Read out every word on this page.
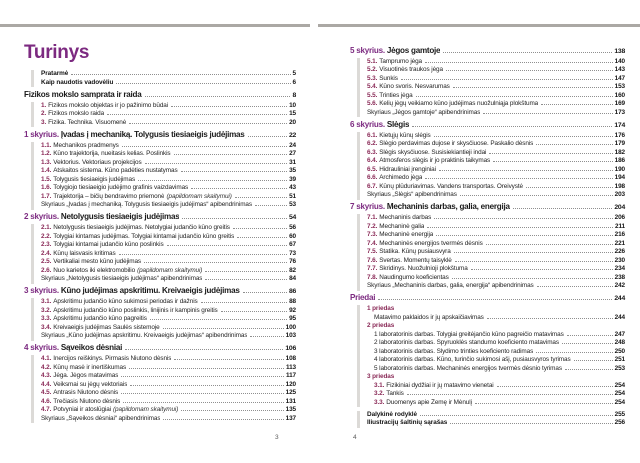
Turinys
Pratarmė	5
Kaip naudotis vadovėliu	6
Fizikos mokslo samprata ir raida	8
1. Fizikos mokslo objektas ir jo pažinimo būdai	10
2. Fizikos mokslo raida	15
3. Fizika. Technika. Visuomenė	20
1 skyrius. Įvadas į mechaniką. Tolygusis tiesiaeigis judėjimas	22
1.1. Mechanikos pradmenys	24
1.2. Kūno trajektorija, nueitasis kelias. Poslinkis	27
1.3. Vektorius. Vektoriaus projekcijos	31
1.4. Atskaitos sistema. Kūno padėties nustatymas	35
1.5. Tolygusis tiesiaeigis judėjimas	39
1.6. Tolygiojo tiesiaeigio judėjimo grafinis vaizdavimas	43
1.7. Trajektorija – bičių bendravimo priemonė (papildomam skaitymui)	51
Skyriaus „Įvadas į mechaniką. Tolygusis tiesiaeigis judėjimas“ apibendrinimas	53
2 skyrius. Netolygusis tiesiaeigis judėjimas	54
2.1. Netolygusis tiesiaeigis judėjimas. Netolygiai judančio kūno greitis	56
2.2. Tolygiai kintamas judėjimas. Tolygiai kintamai judančio kūno greitis	60
2.3. Tolygiai kintamai judančio kūno poslinkis	67
2.4. Kūnų laisvasis kritimas	73
2.5. Vertikaliai mesto kūno judėjimas	76
2.6. Nuo karietos iki elektromobilio (papildomam skaitymui)	82
Skyriaus „Netolygusis tiesiaeigis judėjimas“ apibendrinimas	84
3 skyrius. Kūno judėjimas apskritimu. Kreivaeigis judėjimas	86
3.1. Apskritimu judančio kūno sukimosi periodas ir dažnis	88
3.2. Apskritimu judančio kūno poslinkis, linijinis ir kampinis greitis	92
3.3. Apskritimu judančio kūno pagreitis	95
3.4. Kreivaeigis judėjimas Saulės sistemoje	100
Skyriaus „Kūno judėjimas apskritimu. Kreivaeigis judėjimas“ apibendrinimas	103
4 skyrius. Sąveikos dėsniai	106
4.1. Inercijos reiškinys. Pirmasis Niutono dėsnis	108
4.2. Kūnų masė ir inertiškumas	113
4.3. Jėga. Jėgos matavimas	117
4.4. Veiksmai su jėgų vektoriais	120
4.5. Antrasis Niutono dėsnis	125
4.6. Trečiasis Niutono dėsnis	131
4.7. Potvyniai ir atoslūgiai (papildomam skaitymui)	135
Skyriaus „Sąveikos dėsniai“ apibendrinimas	137
3
5 skyrius. Jėgos gamtoje	138
5.1. Tamprumo jėga	140
5.2. Visuotinės traukos jėga	143
5.3. Sunkis	147
5.4. Kūno svoris. Nesvarumas	153
5.5. Trinties jėga	160
5.6. Kelių jėgų veikiamo kūno judėjimas nuožulniąja plokštuma	169
Skyriaus „Jėgos gamtoje“ apibendrinimas	173
6 skyrius. Slėgis	174
6.1. Kietųjų kūnų slėgis	176
6.2. Slėgio perdavimas dujose ir skysčiuose. Paskalio dėsnis	179
6.3. Slėgis skysčiuose. Susisiekiantieji indai	182
6.4. Atmosferos slėgis ir jo praktinis taikymas	186
6.5. Hidrauliniai įrenginiai	190
6.6. Archimedo jėga	194
6.7. Kūnų plūduriavimas. Vandens transportas. Oreivystė	198
Skyriaus „Slėgis“ apibendrinimas	203
7 skyrius. Mechaninis darbas, galia, energija	204
7.1. Mechaninis darbas	206
7.2. Mechaninė galia	211
7.3. Mechaninė energija	216
7.4. Mechaninės energijos tvermės dėsnis	221
7.5. Statika. Kūnų pusiausvyra	226
7.6. Svertas. Momentų taisyklė	230
7.7. Skridinys. Nuožulnioji plokštuma	234
7.8. Naudingumo koeficientas	238
Skyriaus „Mechaninis darbas, galia, energija“ apibendrinimas	242
Priedai	244
1 priedas
Matavimo paklaidos ir jų apskaičiavimas	244
2 priedas
1 laboratorinis darbas. Tolygiai greitėjančio kūno pagreičio matavimas	247
2 laboratorinis darbas. Spyruoklės standumo koeficiento matavimas	248
3 laboratorinis darbas. Slydimo trinties koeficiento radimas	250
4 laboratorinis darbas. Kūno, turinčio sukimosi ašį, pusiausvyros tyrimas	251
5 laboratorinis darbas. Mechaninės energijos tvermės dėsnio tyrimas	253
3 priedas
3.1. Fizikiniai dydžiai ir jų matavimo vienetai	254
3.2. Tankis	254
3.3. Duomenys apie Žemę ir Mėnulį	254
Dalykinė rodyklė	255
Iliustracijų šaltinių sąrašas	256
4
